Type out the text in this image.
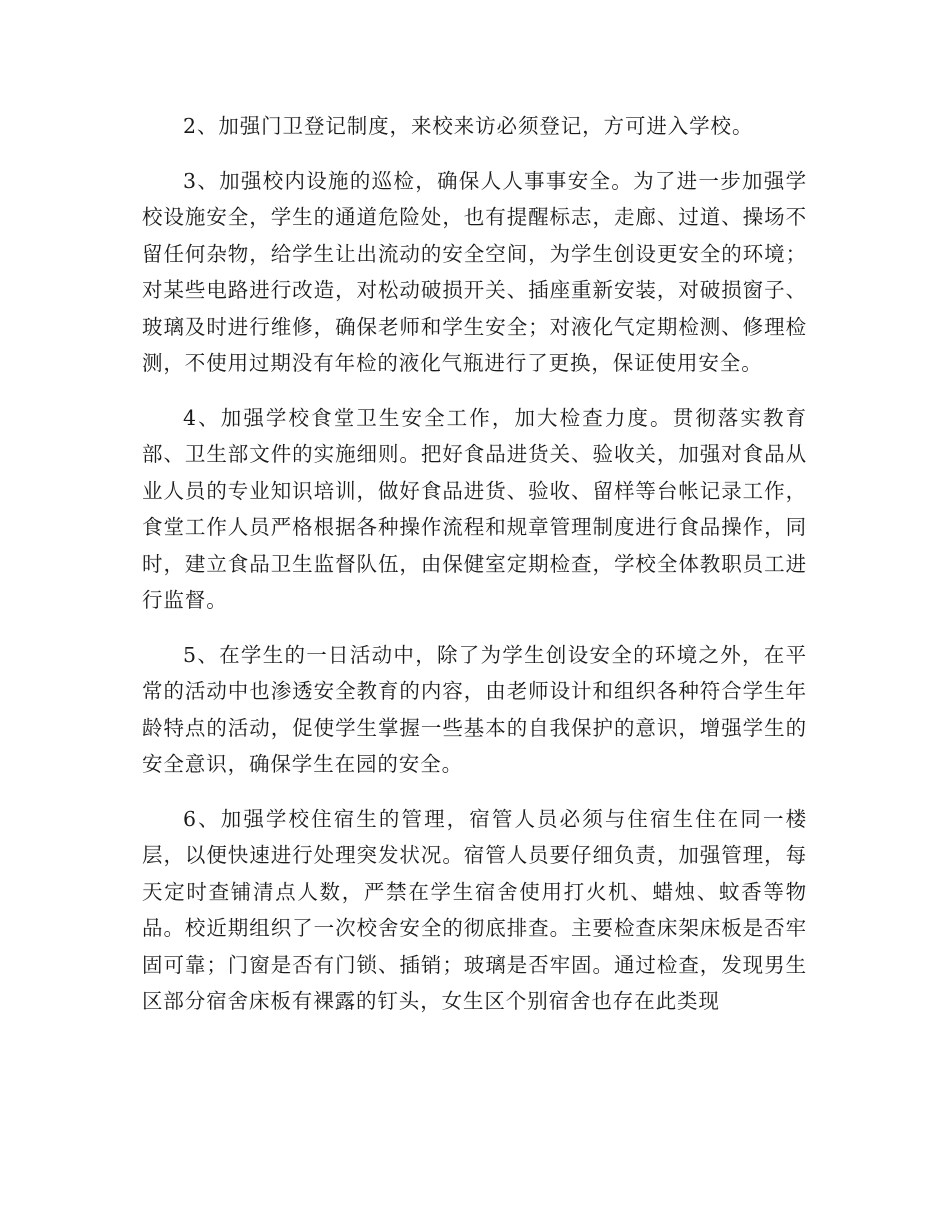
2、加强门卫登记制度，来校来访必须登记，方可进入学校。

3、加强校内设施的巡检，确保人人事事安全。为了进一步加强学校设施安全，学生的通道危险处，也有提醒标志，走廊、过道、操场不留任何杂物，给学生让出流动的安全空间，为学生创设更安全的环境；对某些电路进行改造，对松动破损开关、插座重新安装，对破损窗子、玻璃及时进行维修，确保老师和学生安全；对液化气定期检测、修理检测，不使用过期没有年检的液化气瓶进行了更换，保证使用安全。

4、加强学校食堂卫生安全工作，加大检查力度。贯彻落实教育部、卫生部文件的实施细则。把好食品进货关、验收关，加强对食品从业人员的专业知识培训，做好食品进货、验收、留样等台帐记录工作，食堂工作人员严格根据各种操作流程和规章管理制度进行食品操作，同时，建立食品卫生监督队伍，由保健室定期检查，学校全体教职员工进行监督。

5、在学生的一日活动中，除了为学生创设安全的环境之外，在平常的活动中也渗透安全教育的内容，由老师设计和组织各种符合学生年龄特点的活动，促使学生掌握一些基本的自我保护的意识，增强学生的安全意识，确保学生在园的安全。

6、加强学校住宿生的管理，宿管人员必须与住宿生住在同一楼层，以便快速进行处理突发状况。宿管人员要仔细负责，加强管理，每天定时查铺清点人数，严禁在学生宿舍使用打火机、蜡烛、蚊香等物品。校近期组织了一次校舍安全的彻底排查。主要检查床架床板是否牢固可靠；门窗是否有门锁、插销；玻璃是否牢固。通过检查，发现男生区部分宿舍床板有裸露的钉头，女生区个别宿舍也存在此类现
